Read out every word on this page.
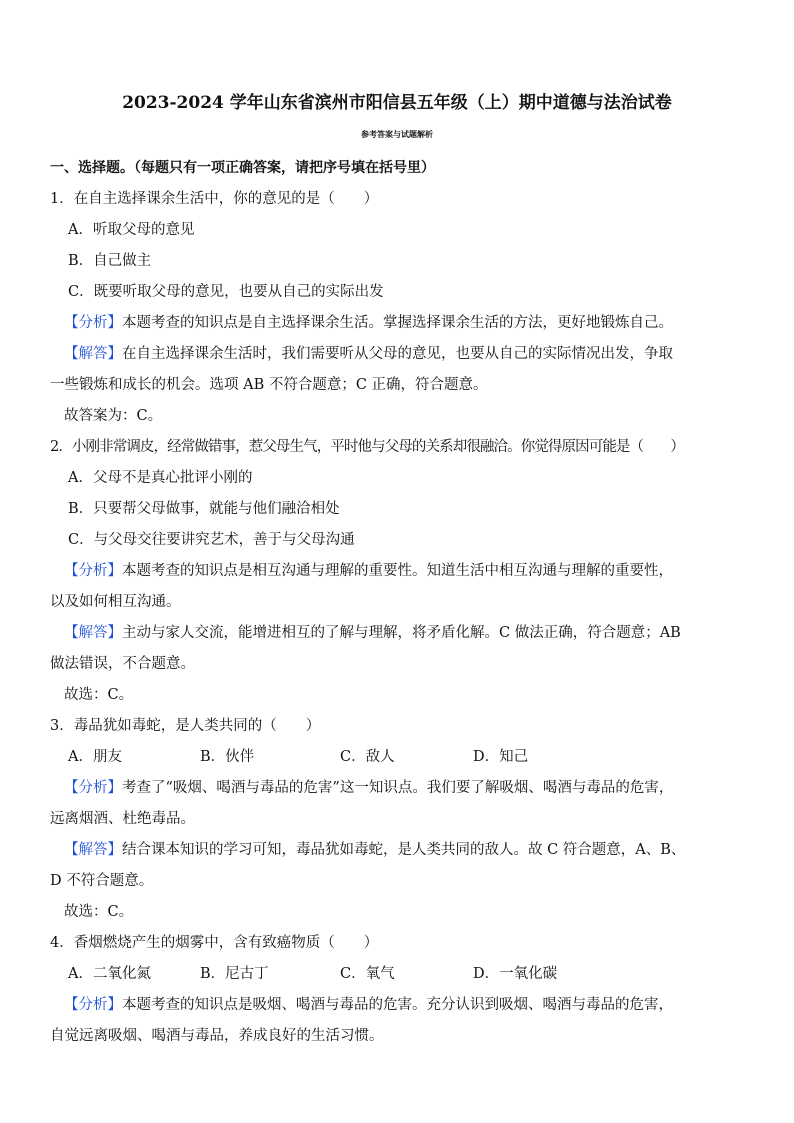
2023-2024 学年山东省滨州市阳信县五年级（上）期中道德与法治试卷
参考答案与试题解析
一、选择题。（每题只有一项正确答案，请把序号填在括号里）
1．在自主选择课余生活中，你的意见的是（　　）
A．听取父母的意见
B．自己做主
C．既要听取父母的意见，也要从自己的实际出发
【分析】本题考查的知识点是自主选择课余生活。掌握选择课余生活的方法，更好地锻炼自己。
【解答】在自主选择课余生活时，我们需要听从父母的意见，也要从自己的实际情况出发，争取
一些锻炼和成长的机会。选项 AB 不符合题意；C 正确，符合题意。
故答案为：C。
2．小刚非常调皮，经常做错事，惹父母生气，平时他与父母的关系却很融洽。你觉得原因可能是（　　）
A．父母不是真心批评小刚的
B．只要帮父母做事，就能与他们融洽相处
C．与父母交往要讲究艺术，善于与父母沟通
【分析】本题考查的知识点是相互沟通与理解的重要性。知道生活中相互沟通与理解的重要性，
以及如何相互沟通。
【解答】主动与家人交流，能增进相互的了解与理解，将矛盾化解。C 做法正确，符合题意；AB
做法错误，不合题意。
故选：C。
3．毒品犹如毒蛇，是人类共同的（　　）
A．朋友	B．伙伴	C．敌人	D．知己
【分析】考查了“吸烟、喝酒与毒品的危害”这一知识点。我们要了解吸烟、喝酒与毒品的危害，
远离烟酒、杜绝毒品。
【解答】结合课本知识的学习可知，毒品犹如毒蛇，是人类共同的敌人。故 C 符合题意，A、B、
D 不符合题意。
故选：C。
4．香烟燃烧产生的烟雾中，含有致癌物质（　　）
A．二氧化氮	B．尼古丁	C．氧气	D．一氧化碳
【分析】本题考查的知识点是吸烟、喝酒与毒品的危害。充分认识到吸烟、喝酒与毒品的危害，
自觉远离吸烟、喝酒与毒品，养成良好的生活习惯。
